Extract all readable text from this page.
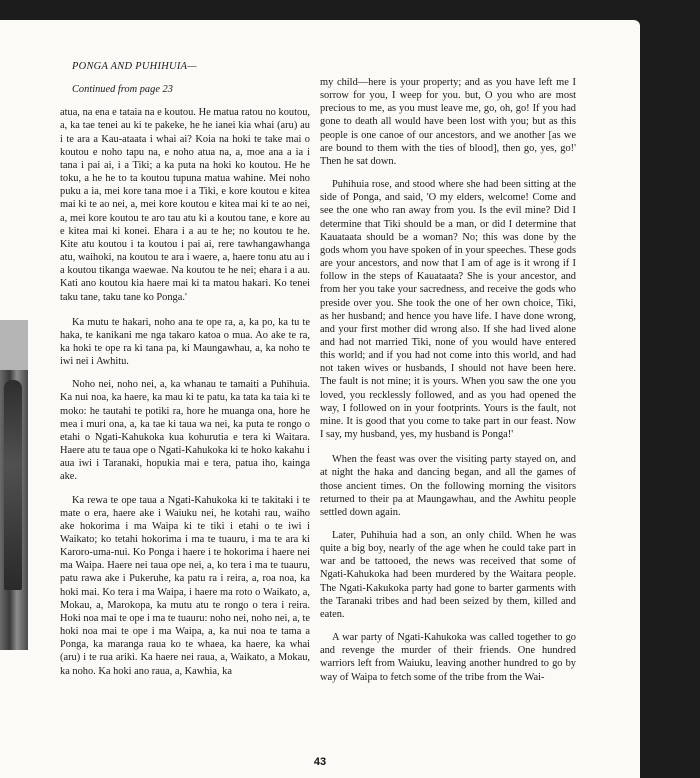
PONGA AND PUHIHUIA—

Continued from page 23

atua, na ena e tataia na e koutou. He matua ratou no koutou, a, ka tae tenei au ki te pakeke, he he ianei kia whai (aru) au i te ara a Kau-ataata i whai ai? Koia na hoki te take mai o koutou e noho tapu na, e noho atua na, a, moe ana a ia i tana i pai ai, i a Tiki; a ka puta na hoki ko koutou. He he toku, a he he to ta koutou tupuna matua wahine. Mei noho puku a ia, mei kore tana moe i a Tiki, e kore koutou e kitea mai ki te ao nei, a, mei kore koutou e kitea mai ki te ao nei, a, mei kore koutou te aro tau atu ki a koutou tane, e kore au e kitea mai ki konei. Ehara i a au te he; no koutou te he. Kite atu koutou i ta koutou i pai ai, rere tawhangawhanga atu, waihoki, na koutou te ara i waere, a, haere tonu atu au i a koutou tikanga waewae. Na koutou te he nei; ehara i a au. Kati ano koutou kia haere mai ki ta matou hakari. Ko tenei taku tane, taku tane ko Ponga.'

Ka mutu te hakari, noho ana te ope ra, a, ka po, ka tu te haka, te kanikani me nga takaro katoa o mua. Ao ake te ra, ka hoki te ope ra ki tana pa, ki Maungawhau, a, ka noho te iwi nei i Awhitu.

Noho nei, noho nei, a, ka whanau te tamaiti a Puhihuia. Ka nui noa, ka haere, ka mau ki te patu, ka tata ka taia ki te moko: he tautahi te potiki ra, hore he muanga ona, hore he mea i muri ona, a, ka tae ki taua wa nei, ka puta te rongo o etahi o Ngati-Kahukoka kua kohurutia e tera ki Waitara. Haere atu te taua ope o Ngati-Kahukoka ki te hoko kakahu i aua iwi i Taranaki, hopukia mai e tera, patua iho, kainga ake.

Ka rewa te ope taua a Ngati-Kahukoka ki te takitaki i te mate o era, haere ake i Waiuku nei, he kotahi rau, waiho ake hokorima i ma Waipa ki te tiki i etahi o te iwi i Waikato; ko tetahi hokorima i ma te tuauru, i ma te ara ki Karoro-uma-nui. Ko Ponga i haere i te hokorima i haere nei ma Waipa. Haere nei taua ope nei, a, ko tera i ma te tuauru, patu rawa ake i Pukeruhe, ka patu ra i reira, a, roa noa, ka hoki mai. Ko tera i ma Waipa, i haere ma roto o Waikato, a, Mokau, a, Marokopa, ka mutu atu te rongo o tera i reira. Hoki noa mai te ope i ma te tuauru: noho nei, noho nei, a, te hoki noa mai te ope i ma Waipa, a, ka nui noa te tama a Ponga, ka maranga raua ko te whaea, ka haere, ka whai (aru) i te rua ariki. Ka haere nei raua, a, Waikato, a Mokau, ka noho. Ka hoki ano raua, a, Kawhia, ka

my child—here is your property; and as you have left me I sorrow for you, I weep for you. but, O you who are most precious to me, as you must leave me, go, oh, go! If you had gone to death all would have been lost with you; but as this people is one canoe of our ancestors, and we another [as we are bound to them with the ties of blood], then go, yes, go!' Then he sat down.

Puhihuia rose, and stood where she had been sitting at the side of Ponga, and said, 'O my elders, welcome! Come and see the one who ran away from you. Is the evil mine? Did I determine that Tiki should be a man, or did I determine that Kauataata should be a woman? No; this was done by the gods whom you have spoken of in your speeches. These gods are your ancestors, and now that I am of age is it wrong if I follow in the steps of Kauataata? She is your ancestor, and from her you take your sacredness, and receive the gods who preside over you. She took the one of her own choice, Tiki, as her husband; and hence you have life. I have done wrong, and your first mother did wrong also. If she had lived alone and had not married Tiki, none of you would have entered this world; and if you had not come into this world, and had not taken wives or husbands, I should not have been here. The fault is not mine; it is yours. When you saw the one you loved, you recklessly followed, and as you had opened the way, I followed on in your footprints. Yours is the fault, not mine. It is good that you come to take part in our feast. Now I say, my husband, yes, my husband is Ponga!'

When the feast was over the visiting party stayed on, and at night the haka and dancing began, and all the games of those ancient times. On the following morning the visitors returned to their pa at Maungawhau, and the Awhitu people settled down again.

Later, Puhihuia had a son, an only child. When he was quite a big boy, nearly of the age when he could take part in war and be tattooed, the news was received that some of Ngati-Kahukoka had been murdered by the Waitara people. The Ngati-Kakukoka party had gone to barter garments with the Taranaki tribes and had been seized by them, killed and eaten.

A war party of Ngati-Kahukoka was called together to go and revenge the murder of their friends. One hundred warriors left from Waiuku, leaving another hundred to go by way of Waipa to fetch some of the tribe from the Wai-

43
